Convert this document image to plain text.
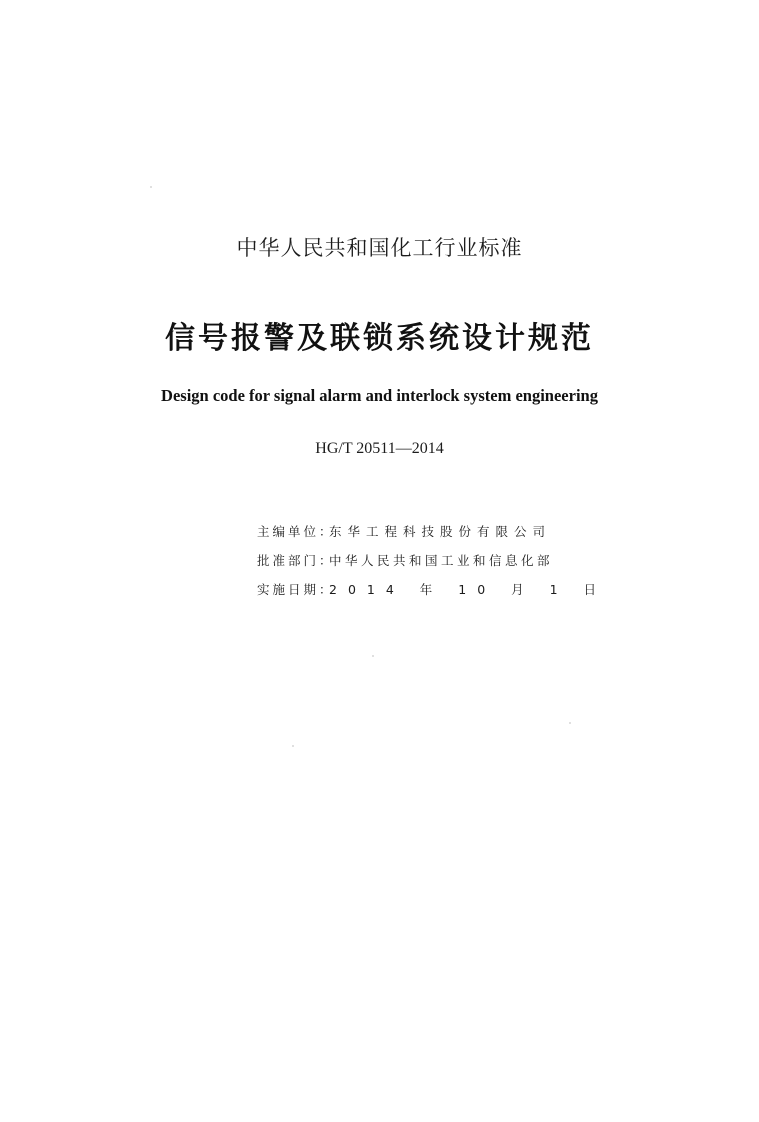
中华人民共和国化工行业标准
信号报警及联锁系统设计规范
Design code for signal alarm and interlock system engineering
HG/T 20511—2014
主编单位：
东华工程科技股份有限公司
批准部门：
中华人民共和国工业和信息化部
实施日期：
2014 年 10 月 1 日
